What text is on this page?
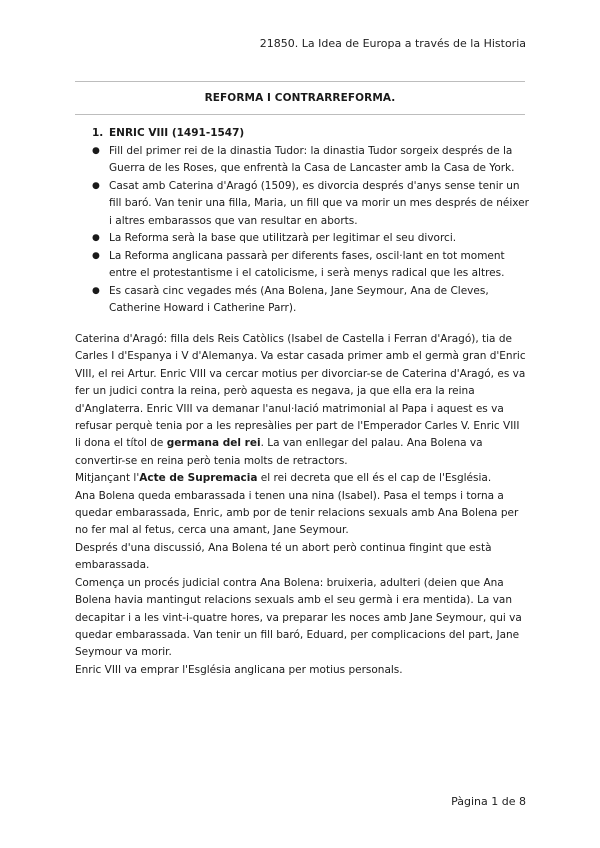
21850. La Idea de Europa a través de la Historia
REFORMA I CONTRARREFORMA.
1. ENRIC VIII (1491-1547)
● Fill del primer rei de la dinastia Tudor: la dinastia Tudor sorgeix després de la Guerra de les Roses, que enfrentà la Casa de Lancaster amb la Casa de York.
● Casat amb Caterina d'Aragó (1509), es divorcia després d'anys sense tenir un fill baró. Van tenir una filla, Maria, un fill que va morir un mes després de néixer i altres embarassos que van resultar en aborts.
● La Reforma serà la base que utilitzarà per legitimar el seu divorci.
● La Reforma anglicana passarà per diferents fases, oscil·lant en tot moment entre el protestantisme i el catolicisme, i serà menys radical que les altres.
● Es casarà cinc vegades més (Ana Bolena, Jane Seymour, Ana de Cleves, Catherine Howard i Catherine Parr).

Caterina d'Aragó: filla dels Reis Catòlics (Isabel de Castella i Ferran d'Aragó), tia de Carles I d'Espanya i V d'Alemanya. Va estar casada primer amb el germà gran d'Enric VIII, el rei Artur. Enric VIII va cercar motius per divorciar-se de Caterina d'Aragó, es va fer un judici contra la reina, però aquesta es negava, ja que ella era la reina d'Anglaterra. Enric VIII va demanar l'anul·lació matrimonial al Papa i aquest es va refusar perquè tenia por a les represàlies per part de l'Emperador Carles V. Enric VIII li dona el títol de germana del rei. La van enllegar del palau. Ana Bolena va convertir-se en reina però tenia molts de retractors.

Mitjançant l'Acte de Supremacia el rei decreta que ell és el cap de l'Església.

Ana Bolena queda embarassada i tenen una nina (Isabel). Pasa el temps i torna a quedar embarassada, Enric, amb por de tenir relacions sexuals amb Ana Bolena per no fer mal al fetus, cerca una amant, Jane Seymour.

Després d'una discussió, Ana Bolena té un abort però continua fingint que està embarassada.

Comença un procés judicial contra Ana Bolena: bruixeria, adulteri (deien que Ana Bolena havia mantingut relacions sexuals amb el seu germà i era mentida). La van decapitar i a les vint-i-quatre hores, va preparar les noces amb Jane Seymour, qui va quedar embarassada. Van tenir un fill baró, Eduard, per complicacions del part, Jane Seymour va morir.

Enric VIII va emprar l'Església anglicana per motius personals.

Pàgina 1 de 8
